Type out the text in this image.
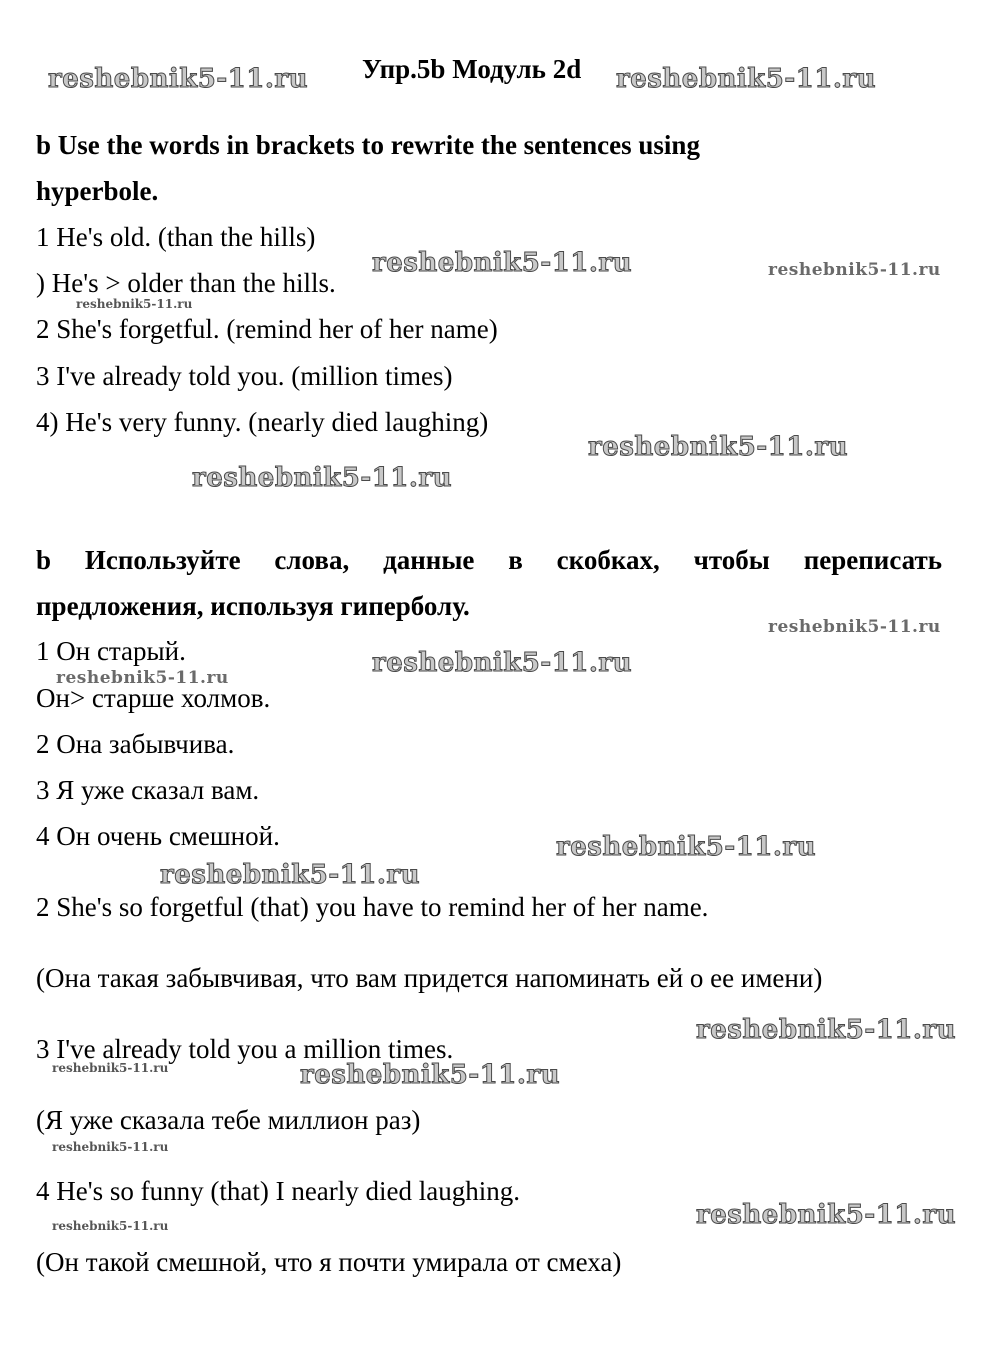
Упр.5b Модуль 2d
b Use the words in brackets to rewrite the sentences using
hyperbole.
1 He's old. (than the hills)
) He's > older than the hills.
2 She's forgetful. (remind her of her name)
3 I've already told you. (million times)
4) He's very funny. (nearly died laughing)
b Используйте слова, данные в скобках, чтобы переписать
предложения, используя гиперболу.
1 Он старый.
Он> старше холмов.
2 Она забывчива.
3 Я уже сказал вам.
4 Он очень смешной.
2 She's so forgetful (that) you have to remind her of her name.
(Она такая забывчивая, что вам придется напоминать ей о ее имени)
3 I've already told you a million times.
(Я уже сказала тебе миллион раз)
4 He's so funny (that) I nearly died laughing.
(Он такой смешной, что я почти умирала от смеха)
reshebnik5-11.ru	reshebnik5-11.ru
reshebnik5-11.ru	reshebnik5-11.ru
reshebnik5-11.ru
reshebnik5-11.ru
reshebnik5-11.ru
reshebnik5-11.ru
reshebnik5-11.ru
reshebnik5-11.ru
reshebnik5-11.ru
reshebnik5-11.ru
reshebnik5-11.ru
reshebnik5-11.ru	reshebnik5-11.ru
reshebnik5-11.ru
reshebnik5-11.ru
reshebnik5-11.ru
